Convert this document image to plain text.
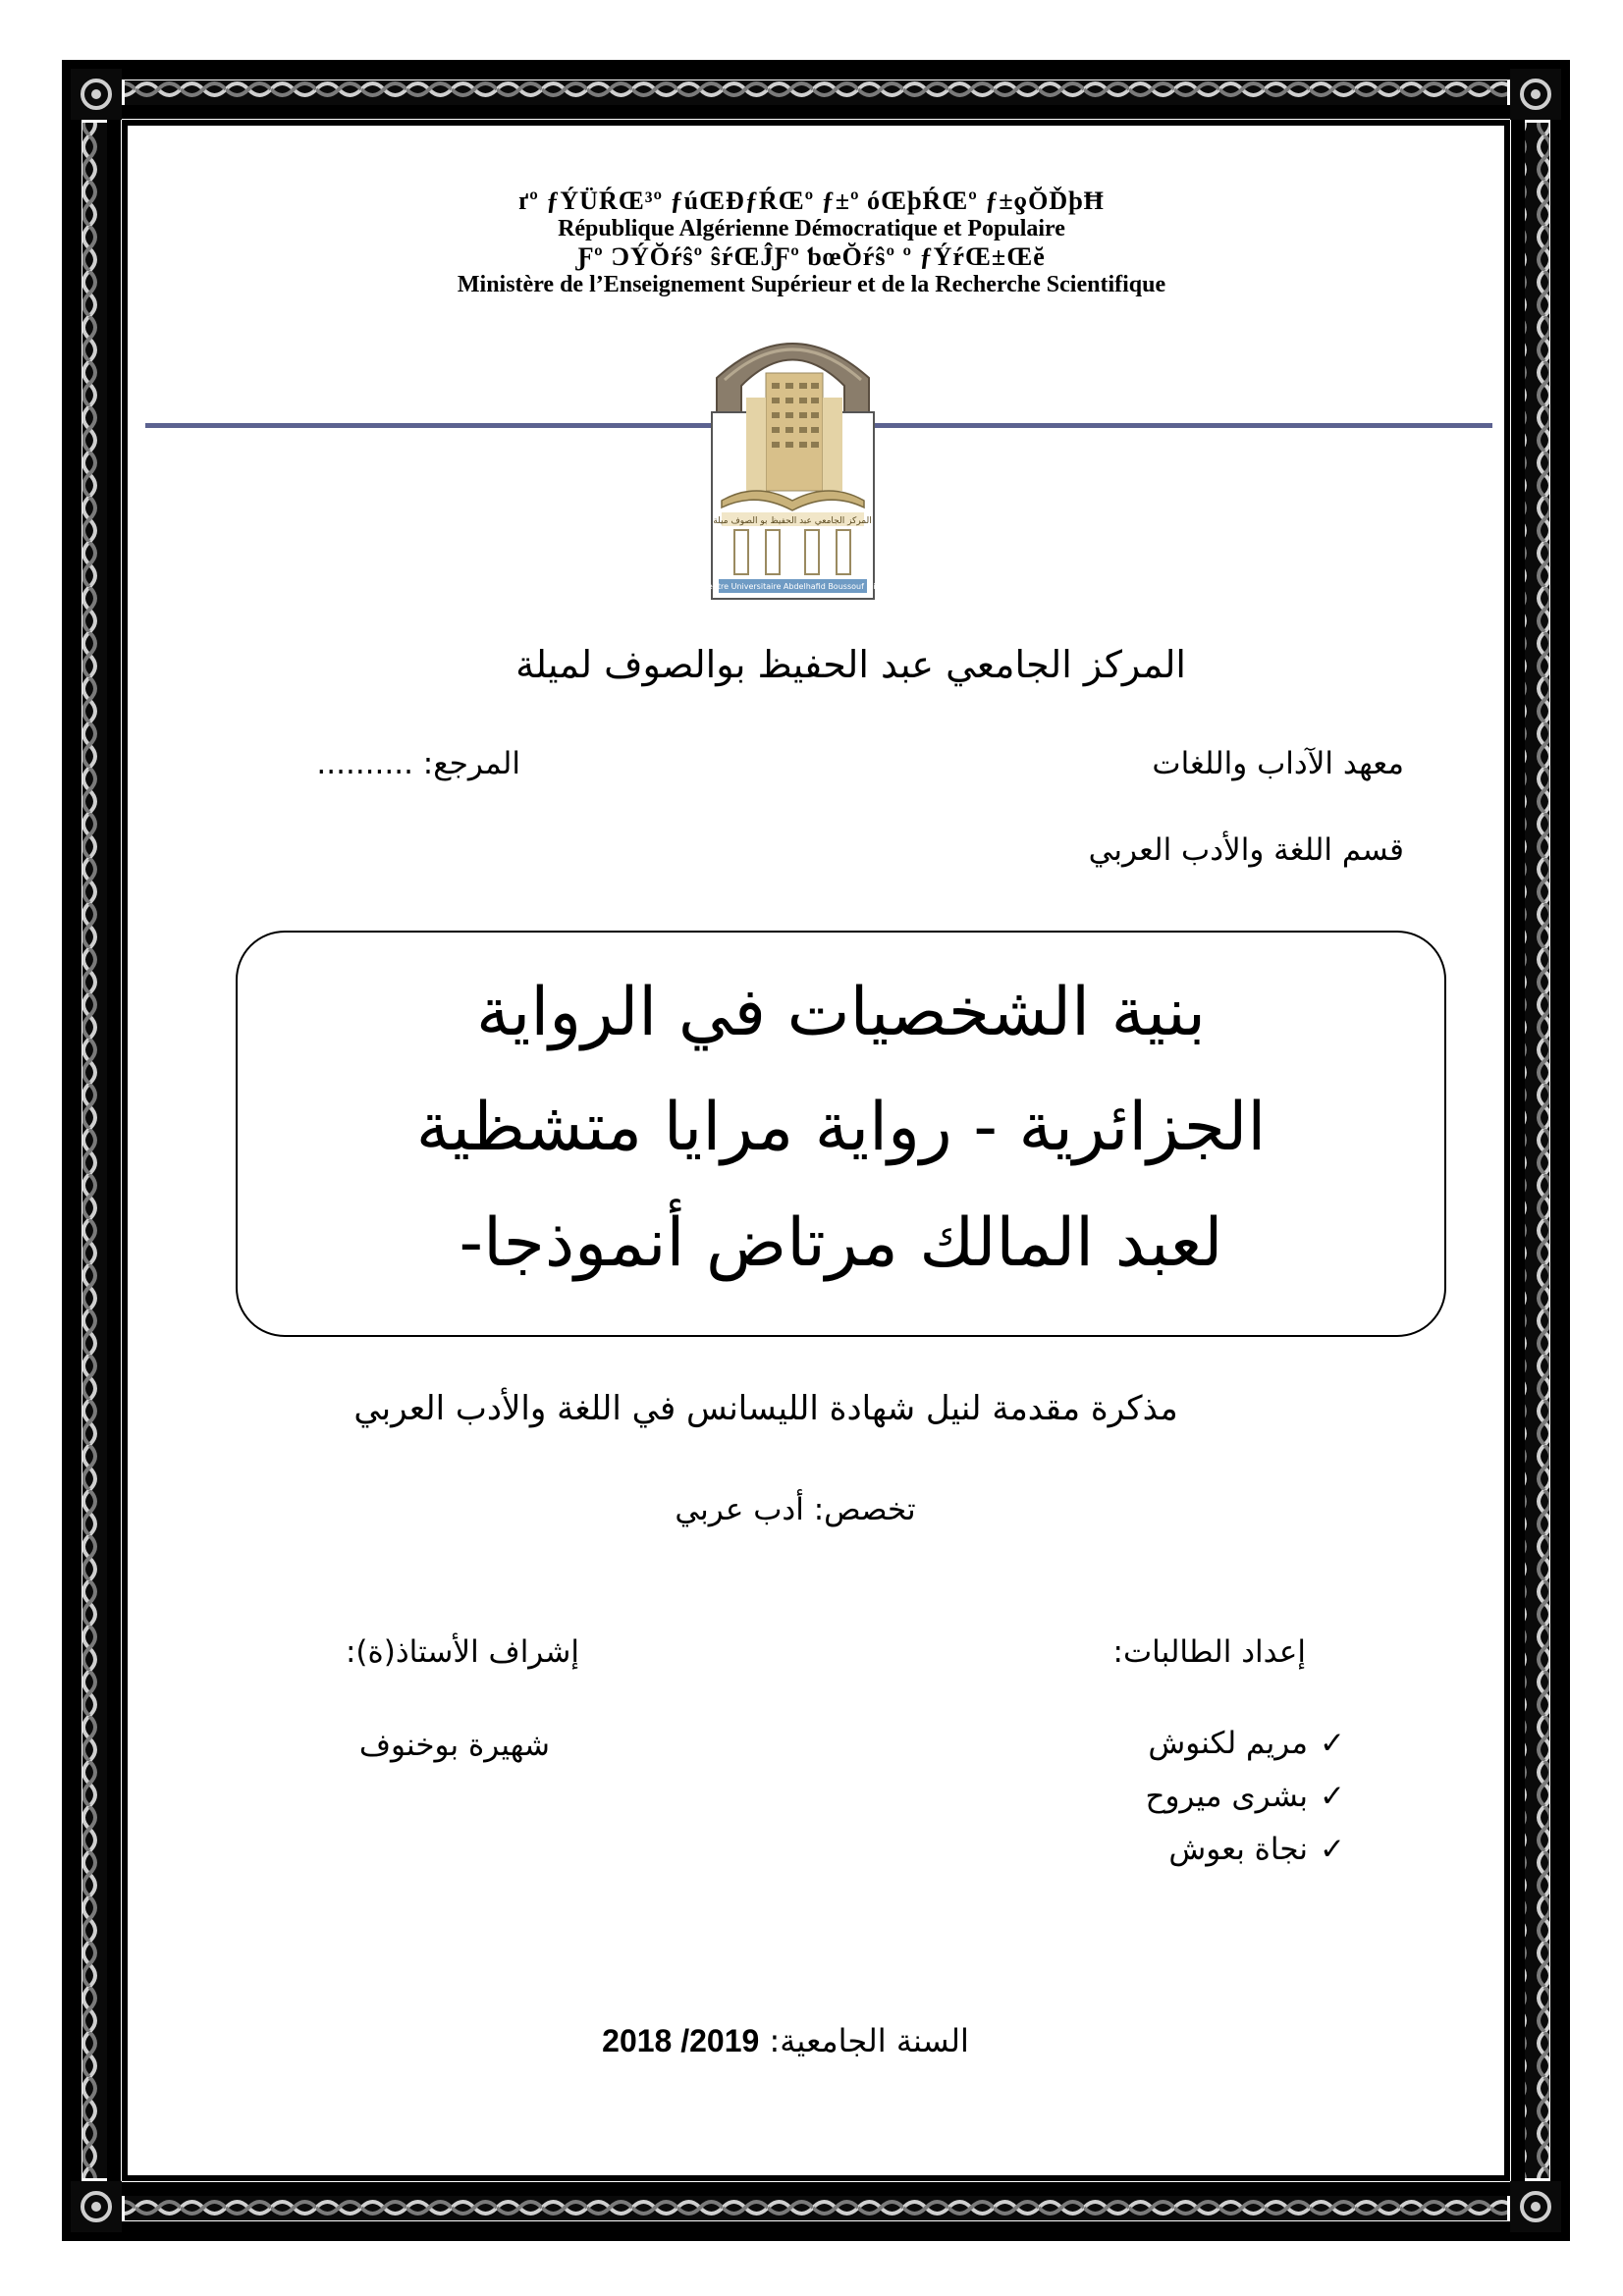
ґº ƒÝÜŔŒ³º ƒúŒÐƒŔŒº ƒ±º óŒþŔŒº ƒ±ƍŎĎþĦ
République Algérienne Démocratique et Populaire
Ƒº ƆÝŎŕŝº ŝŕŒĴƑº ƅœŎŕŝº º ƒÝŕŒ±Œĕ
Ministère de l’Enseignement Supérieur et de la Recherche Scientifique
المركز الجامعي عبد الحفيظ بو الصوف ميلة
Centre Universitaire Abdelhafid Boussouf Mila
المركز الجامعي عبد الحفيظ بوالصوف لميلة
معهد الآداب واللغات
المرجع: ..........
قسم اللغة والأدب العربي
بنية الشخصيات في الرواية
الجزائرية - رواية مرايا متشظية
لعبد المالك مرتاض أنموذجا-
مذكرة مقدمة لنيل شهادة الليسانس في اللغة والأدب العربي
تخصص: أدب عربي
إعداد الطالبات:
إشراف الأستاذ(ة):
شهيرة بوخنوف	مريم لكنوش ✓
بشرى ميروح ✓
نجاة بعوش ✓
2018 /2019 السنة الجامعية:
